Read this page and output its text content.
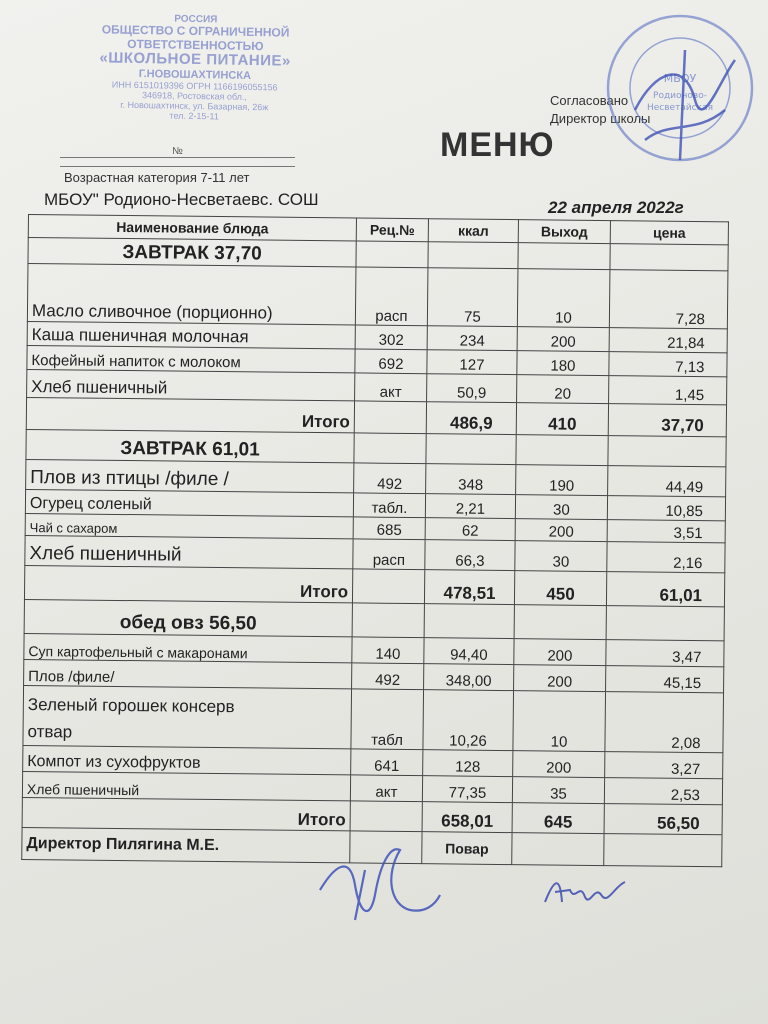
РОССИЯ
ОБЩЕСТВО С ОГРАНИЧЕННОЙ
ОТВЕТСТВЕННОСТЬЮ
«ШКОЛЬНОЕ ПИТАНИЕ»
Г.НОВОШАХТИНСКА
ИНН 6151019396 ОГРН 1166196055156
346918, Ростовская обл.,
г. Новошахтинск, ул. Базарная, 26ж
тел. 2-15-11
№
Возрастная категория 7-11 лет
МБОУ" Родионо-Несветаевс. СОШ
МЕНЮ
Согласовано
Директор школы
МБОУ
Родионово-
Несветайская
22 апреля 2022г
Наименование блюда	Рец.№	ккал	Выход	цена
ЗАВТРАК 37,70				
Масло сливочное (порционно)	расп	75	10	7,28
Каша пшеничная молочная	302	234	200	21,84
Кофейный напиток с молоком	692	127	180	7,13
Хлеб пшеничный	акт	50,9	20	1,45
Итого		486,9	410	37,70
ЗАВТРАК 61,01				
Плов из птицы /филе /	492	348	190	44,49
Огурец соленый	табл.	2,21	30	10,85
Чай с сахаром	685	62	200	3,51
Хлеб пшеничный	расп	66,3	30	2,16
Итого		478,51	450	61,01
обед овз 56,50				
Суп картофельный с макаронами	140	94,40	200	3,47
Плов /филе/	492	348,00	200	45,15

Зеленый горошек консерв
отвар	табл	10,26	10	2,08
Компот из сухофруктов	641	128	200	3,27
Хлеб пшеничный	акт	77,35	35	2,53
Итого		658,01	645	56,50
Директор Пилягина М.Е.		Повар		
